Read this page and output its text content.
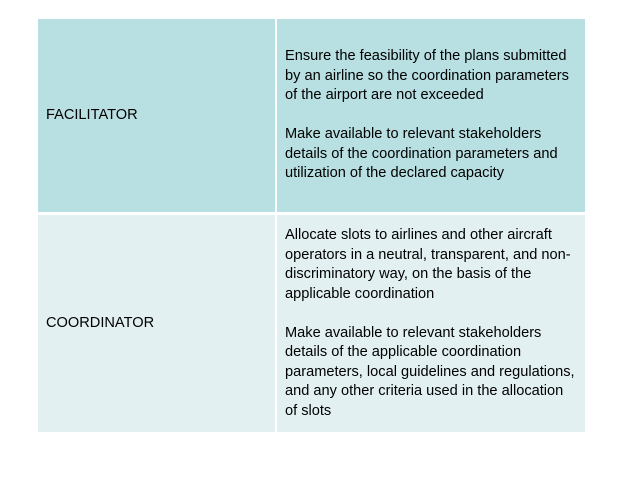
FACILITATOR	Ensure the feasibility of the plans submitted by an airline so the coordination parameters of the airport are not exceeded

Make available to relevant stakeholders details of the coordination parameters and utilization of the declared capacity

COORDINATOR	Allocate slots to airlines and other aircraft operators in a neutral, transparent, and non-discriminatory way, on the basis of the applicable coordination

Make available to relevant stakeholders details of the applicable coordination parameters, local guidelines and regulations, and any other criteria used in the allocation of slots
